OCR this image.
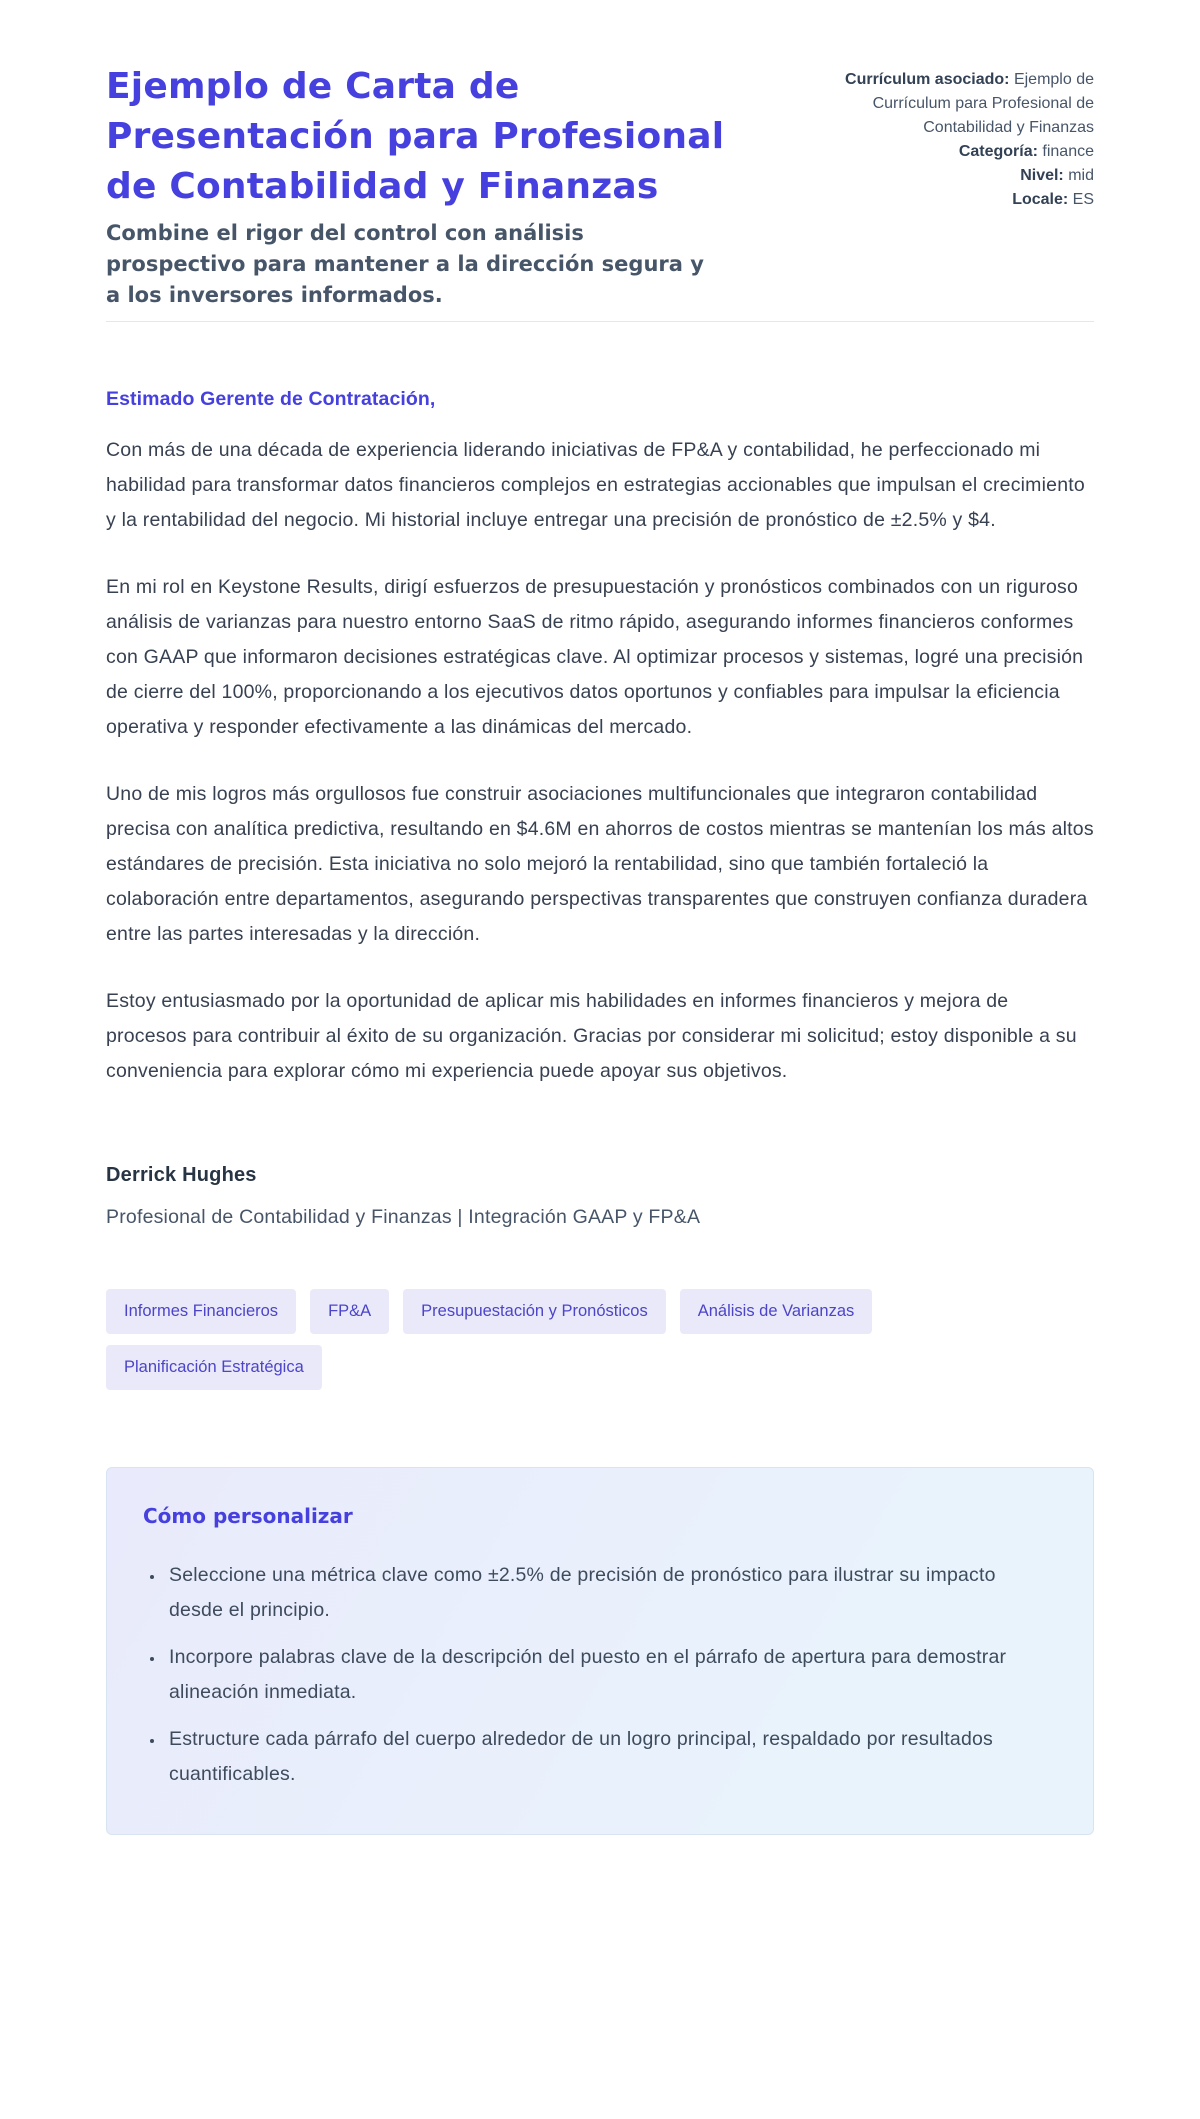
Ejemplo de Carta de Presentación para Profesional de Contabilidad y Finanzas

Combine el rigor del control con análisis prospectivo para mantener a la dirección segura y a los inversores informados.

Currículum asociado: Ejemplo de Currículum para Profesional de Contabilidad y Finanzas
Categoría: finance
Nivel: mid
Locale: ES

Estimado Gerente de Contratación,

Con más de una década de experiencia liderando iniciativas de FP&A y contabilidad, he perfeccionado mi habilidad para transformar datos financieros complejos en estrategias accionables que impulsan el crecimiento y la rentabilidad del negocio. Mi historial incluye entregar una precisión de pronóstico de ±2.5% y $4.

En mi rol en Keystone Results, dirigí esfuerzos de presupuestación y pronósticos combinados con un riguroso análisis de varianzas para nuestro entorno SaaS de ritmo rápido, asegurando informes financieros conformes con GAAP que informaron decisiones estratégicas clave. Al optimizar procesos y sistemas, logré una precisión de cierre del 100%, proporcionando a los ejecutivos datos oportunos y confiables para impulsar la eficiencia operativa y responder efectivamente a las dinámicas del mercado.

Uno de mis logros más orgullosos fue construir asociaciones multifuncionales que integraron contabilidad precisa con analítica predictiva, resultando en $4.6M en ahorros de costos mientras se mantenían los más altos estándares de precisión. Esta iniciativa no solo mejoró la rentabilidad, sino que también fortaleció la colaboración entre departamentos, asegurando perspectivas transparentes que construyen confianza duradera entre las partes interesadas y la dirección.

Estoy entusiasmado por la oportunidad de aplicar mis habilidades en informes financieros y mejora de procesos para contribuir al éxito de su organización. Gracias por considerar mi solicitud; estoy disponible a su conveniencia para explorar cómo mi experiencia puede apoyar sus objetivos.

Derrick Hughes

Profesional de Contabilidad y Finanzas | Integración GAAP y FP&A

Informes Financieros	FP&A	Presupuestación y Pronósticos	Análisis de Varianzas
Planificación Estratégica
Cómo personalizar
• Seleccione una métrica clave como ±2.5% de precisión de pronóstico para ilustrar su impacto desde el principio.
• Incorpore palabras clave de la descripción del puesto en el párrafo de apertura para demostrar alineación inmediata.
• Estructure cada párrafo del cuerpo alrededor de un logro principal, respaldado por resultados cuantificables.
